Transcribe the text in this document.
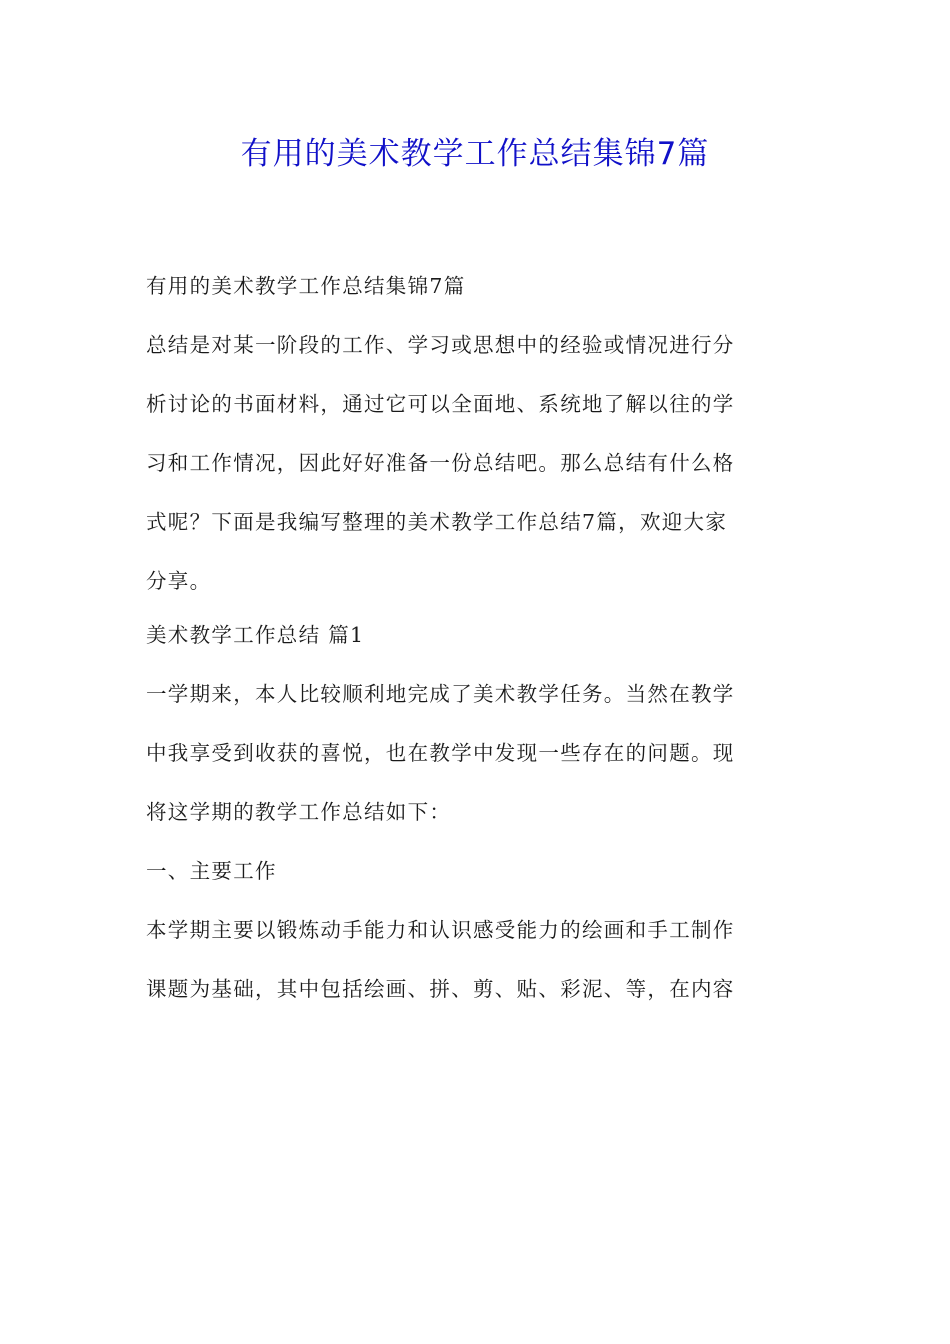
有用的美术教学工作总结集锦7篇

有用的美术教学工作总结集锦7篇

总结是对某一阶段的工作、学习或思想中的经验或情况进行分

析讨论的书面材料，通过它可以全面地、系统地了解以往的学

习和工作情况，因此好好准备一份总结吧。那么总结有什么格

式呢？下面是我编写整理的美术教学工作总结7篇，欢迎大家

分享。

美术教学工作总结 篇1

一学期来，本人比较顺利地完成了美术教学任务。当然在教学

中我享受到收获的喜悦，也在教学中发现一些存在的问题。现

将这学期的教学工作总结如下：

一、主要工作

本学期主要以锻炼动手能力和认识感受能力的绘画和手工制作

课题为基础，其中包括绘画、拼、剪、贴、彩泥、等，在内容
